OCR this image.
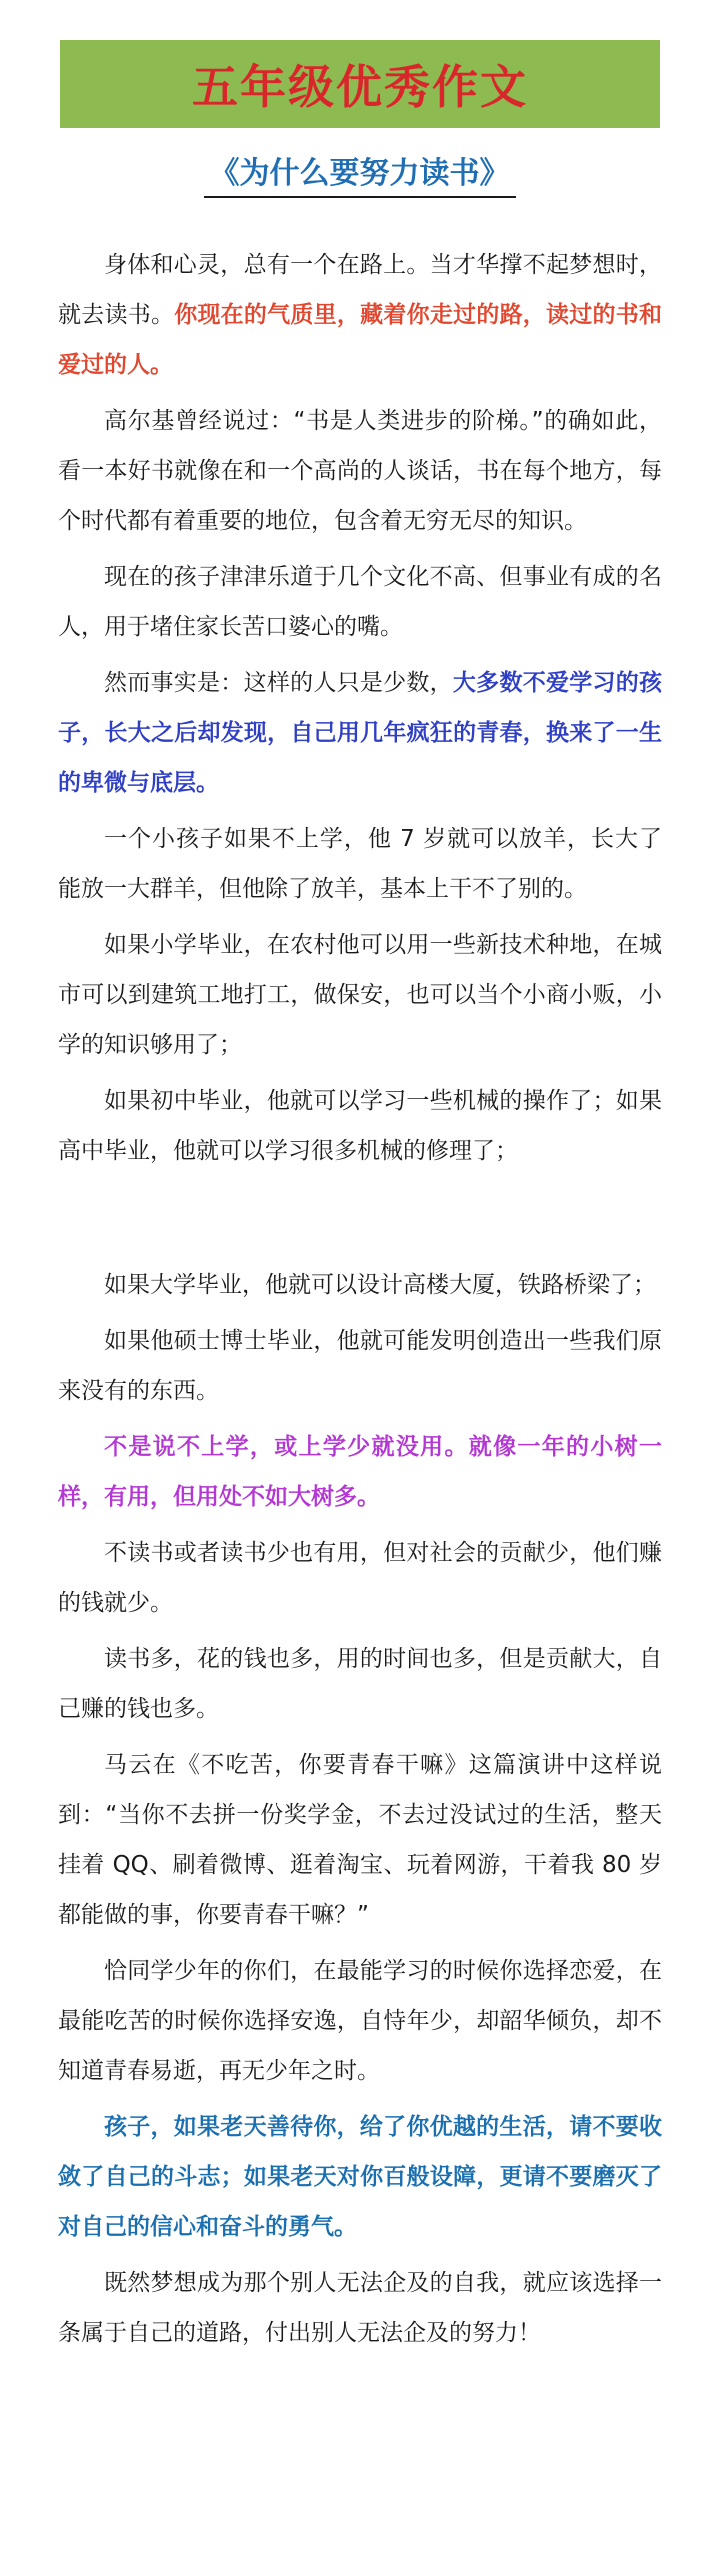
五年级优秀作文
《为什么要努力读书》

身体和心灵，总有一个在路上。当才华撑不起梦想时，就去读书。你现在的气质里，藏着你走过的路，读过的书和爱过的人。

高尔基曾经说过：“书是人类进步的阶梯。”的确如此，看一本好书就像在和一个高尚的人谈话，书在每个地方，每个时代都有着重要的地位，包含着无穷无尽的知识。

现在的孩子津津乐道于几个文化不高、但事业有成的名人，用于堵住家长苦口婆心的嘴。

然而事实是：这样的人只是少数，大多数不爱学习的孩子，长大之后却发现，自己用几年疯狂的青春，换来了一生的卑微与底层。

一个小孩子如果不上学，他 7 岁就可以放羊，长大了能放一大群羊，但他除了放羊，基本上干不了别的。

如果小学毕业，在农村他可以用一些新技术种地，在城市可以到建筑工地打工，做保安，也可以当个小商小贩，小学的知识够用了；

如果初中毕业，他就可以学习一些机械的操作了；如果高中毕业，他就可以学习很多机械的修理了；

如果大学毕业，他就可以设计高楼大厦，铁路桥梁了；

如果他硕士博士毕业，他就可能发明创造出一些我们原来没有的东西。

不是说不上学，或上学少就没用。就像一年的小树一样，有用，但用处不如大树多。

不读书或者读书少也有用，但对社会的贡献少，他们赚的钱就少。

读书多，花的钱也多，用的时间也多，但是贡献大，自己赚的钱也多。

马云在《不吃苦，你要青春干嘛》这篇演讲中这样说到：“当你不去拼一份奖学金，不去过没试过的生活，整天挂着 QQ、刷着微博、逛着淘宝、玩着网游，干着我 80 岁都能做的事，你要青春干嘛？”

恰同学少年的你们，在最能学习的时候你选择恋爱，在最能吃苦的时候你选择安逸，自恃年少，却韶华倾负，却不知道青春易逝，再无少年之时。

孩子，如果老天善待你，给了你优越的生活，请不要收敛了自己的斗志；如果老天对你百般设障，更请不要磨灭了对自己的信心和奋斗的勇气。

既然梦想成为那个别人无法企及的自我，就应该选择一条属于自己的道路，付出别人无法企及的努力！
